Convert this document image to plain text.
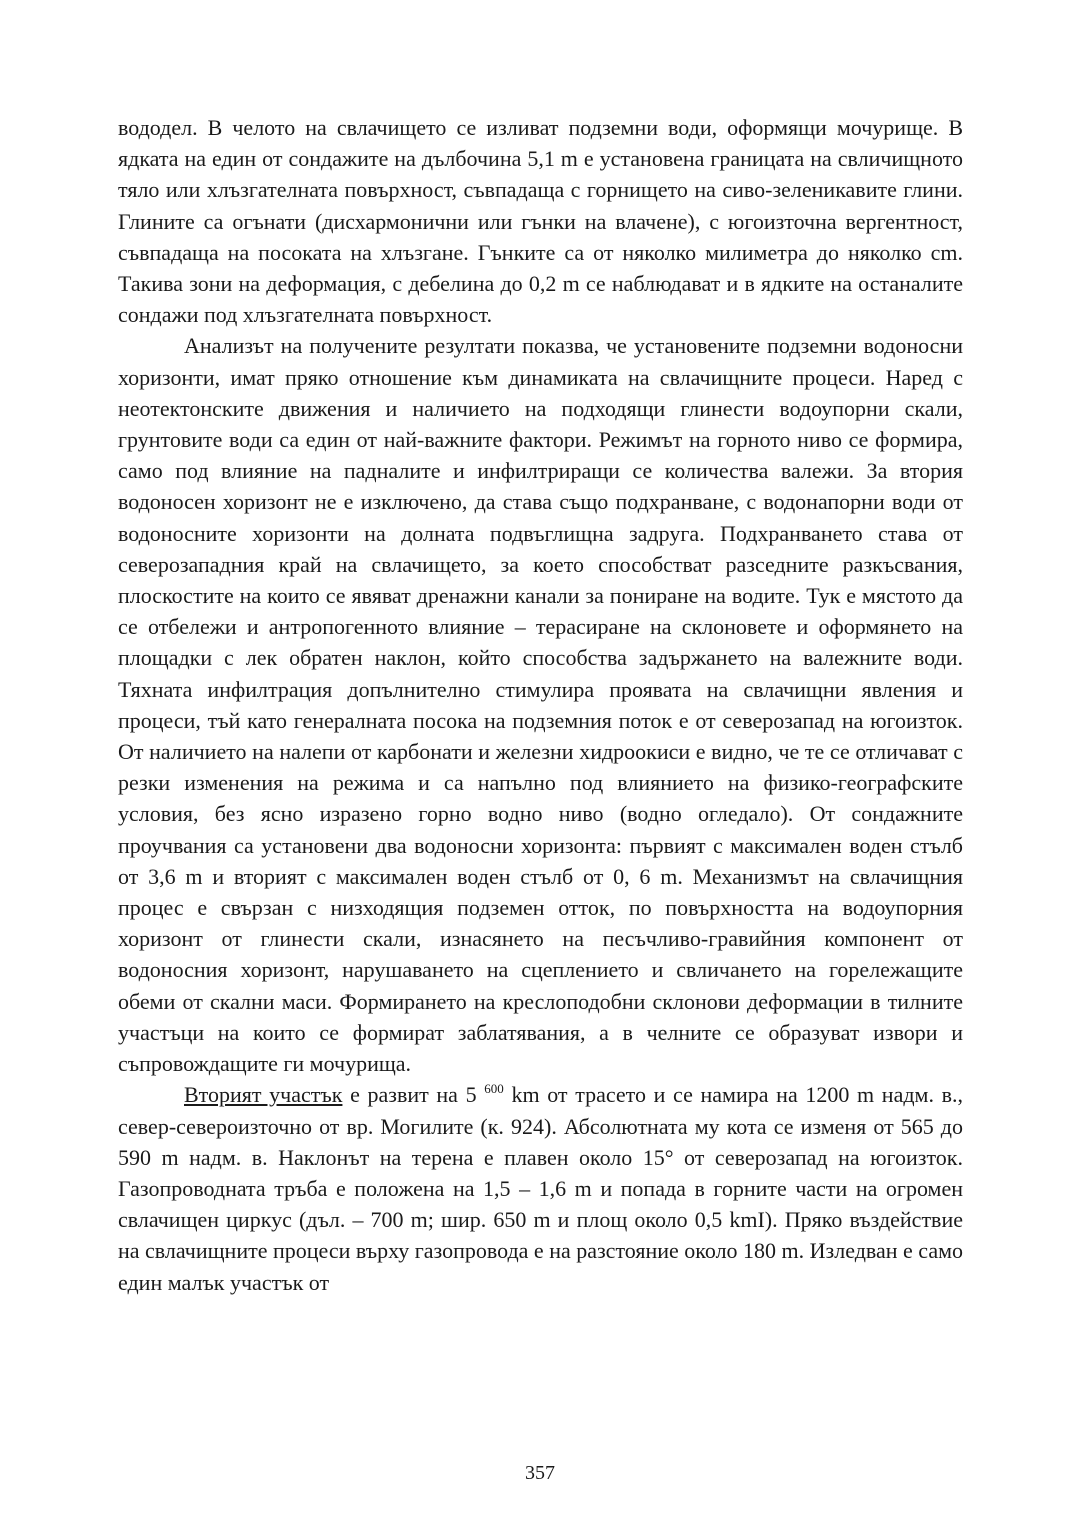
вододел. В челото на свлачището се изливат подземни води, оформящи мочурище. В ядката на един от сондажите на дълбочина 5,1 m е установена границата на свличищното тяло или хлъзгателната повърхност, съвпадаща с горнището на сиво-зеленикавите глини. Глините са огънати (дисхармонични или гънки на влачене), с югоизточна вергентност, съвпадаща на посоката на хлъзгане. Гънките са от няколко милиметра до няколко cm. Такива зони на деформация, с дебелина до 0,2 m се наблюдават и в ядките на останалите сондажи под хлъзгателната повърхност.

Анализът на получените резултати показва, че установените подземни водоносни хоризонти, имат пряко отношение към динамиката на свлачищните процеси. Наред с неотектонските движения и наличието на подходящи глинести водоупорни скали, грунтовите води са един от най-важните фактори. Режимът на горното ниво се формира, само под влияние на падналите и инфилтриращи се количества валежи. За втория водоносен хоризонт не е изключено, да става също подхранване, с водонапорни води от водоносните хоризонти на долната подвъглищна задруга. Подхранването става от северозападния край на свлачището, за което способстват разседните разкъсвания, плоскостите на които се явяват дренажни канали за пониране на водите. Тук е мястото да се отбележи и антропогенното влияние – терасиране на склоновете и оформянето на площадки с лек обратен наклон, който способства задържането на валежните води. Тяхната инфилтрация допълнително стимулира проявата на свлачищни явления и процеси, тъй като генералната посока на подземния поток е от северозапад на югоизток. От наличието на налепи от карбонати и железни хидроокиси е видно, че те се отличават с резки изменения на режима и са напълно под влиянието на физико-географските условия, без ясно изразено горно водно ниво (водно огледало). От сондажните проучвания са установени два водоносни хоризонта: първият с максимален воден стълб от 3,6 m и вторият с максимален воден стълб от 0, 6 m. Механизмът на свлачищния процес е свързан с низходящия подземен отток, по повърхността на водоупорния хоризонт от глинести скали, изнасянето на песъчливо-гравийния компонент от водоносния хоризонт, нарушаването на сцеплението и свличането на горележащите обеми от скални маси. Формирането на креслоподобни склонови деформации в тилните участъци на които се формират заблатявания, а в челните се образуват извори и съпровождащите ги мочурища.

Вторият участък е развит на 5 $^{600}$ km от трасето и се намира на 1200 m надм. в., север-североизточно от вр. Могилите (к. 924). Абсолютната му кота се изменя от 565 до 590 m надм. в. Наклонът на терена е плавен около 15° от северозапад на югоизток. Газопроводната тръба е положена на 1,5 – 1,6 m и попада в горните части на огромен свлачищен циркус (дъл. – 700 m; шир. 650 m и площ около 0,5 kmI). Пряко въздействие на свлачищните процеси върху газопровода е на разстояние около 180 m. Изледван е само един малък участък от

357
